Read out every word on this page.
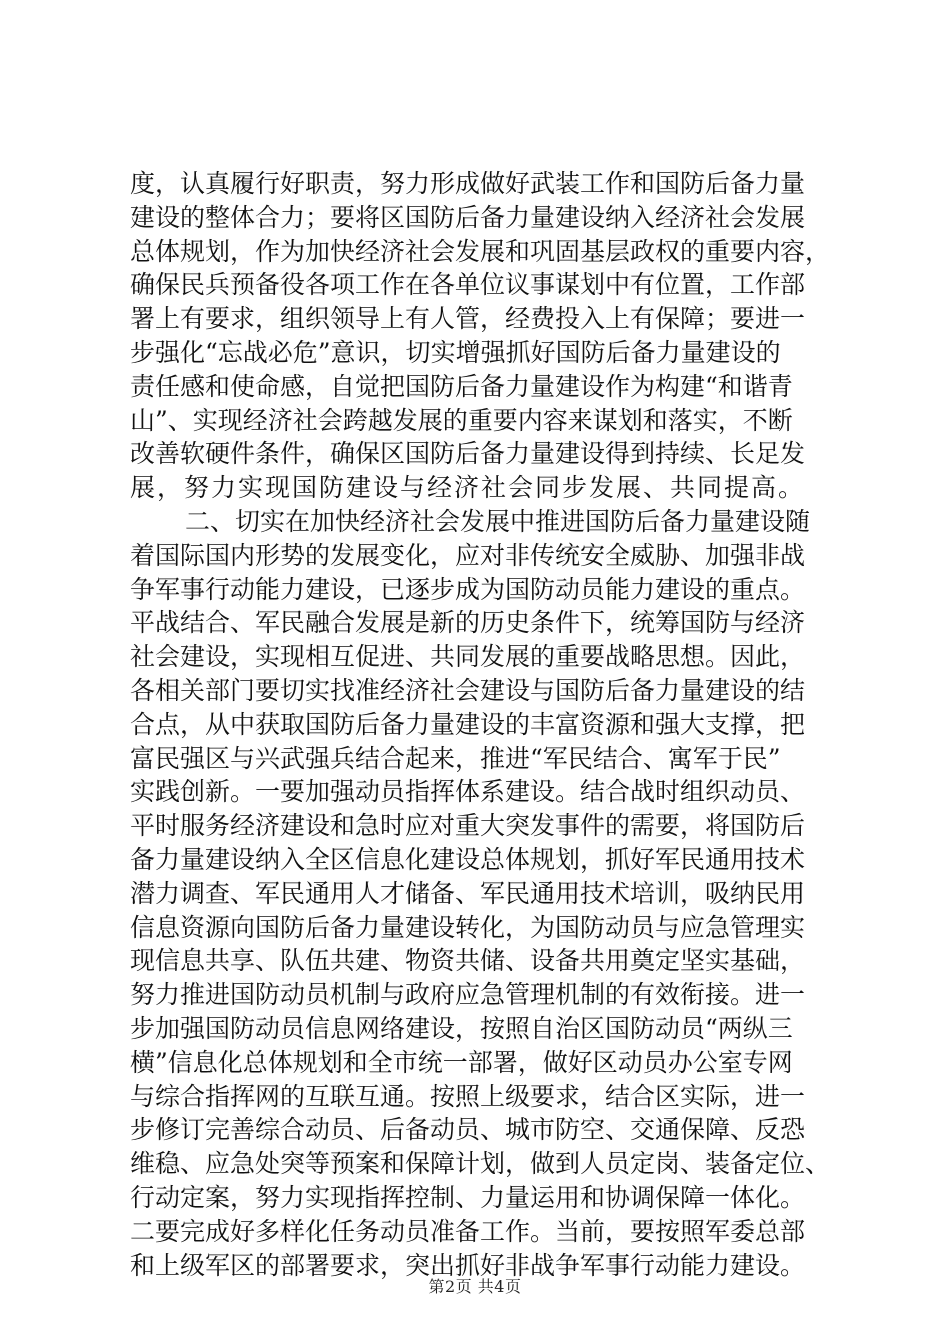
度，认真履行好职责，努力形成做好武装工作和国防后备力量
建设的整体合力；要将区国防后备力量建设纳入经济社会发展
总体规划，作为加快经济社会发展和巩固基层政权的重要内容，
确保民兵预备役各项工作在各单位议事谋划中有位置，工作部
署上有要求，组织领导上有人管，经费投入上有保障；要进一
步强化“忘战必危”意识，切实增强抓好国防后备力量建设的
责任感和使命感，自觉把国防后备力量建设作为构建“和谐青
山”、实现经济社会跨越发展的重要内容来谋划和落实，不断
改善软硬件条件，确保区国防后备力量建设得到持续、长足发
展，努力实现国防建设与经济社会同步发展、共同提高。
二、切实在加快经济社会发展中推进国防后备力量建设随
着国际国内形势的发展变化，应对非传统安全威胁、加强非战
争军事行动能力建设，已逐步成为国防动员能力建设的重点。
平战结合、军民融合发展是新的历史条件下，统筹国防与经济
社会建设，实现相互促进、共同发展的重要战略思想。因此，
各相关部门要切实找准经济社会建设与国防后备力量建设的结
合点，从中获取国防后备力量建设的丰富资源和强大支撑，把
富民强区与兴武强兵结合起来，推进“军民结合、寓军于民”
实践创新。一要加强动员指挥体系建设。结合战时组织动员、
平时服务经济建设和急时应对重大突发事件的需要，将国防后
备力量建设纳入全区信息化建设总体规划，抓好军民通用技术
潜力调查、军民通用人才储备、军民通用技术培训，吸纳民用
信息资源向国防后备力量建设转化，为国防动员与应急管理实
现信息共享、队伍共建、物资共储、设备共用奠定坚实基础，
努力推进国防动员机制与政府应急管理机制的有效衔接。进一
步加强国防动员信息网络建设，按照自治区国防动员“两纵三
横”信息化总体规划和全市统一部署，做好区动员办公室专网
与综合指挥网的互联互通。按照上级要求，结合区实际，进一
步修订完善综合动员、后备动员、城市防空、交通保障、反恐
维稳、应急处突等预案和保障计划，做到人员定岗、装备定位、
行动定案，努力实现指挥控制、力量运用和协调保障一体化。
二要完成好多样化任务动员准备工作。当前，要按照军委总部
和上级军区的部署要求，突出抓好非战争军事行动能力建设。
第2页 共4页
